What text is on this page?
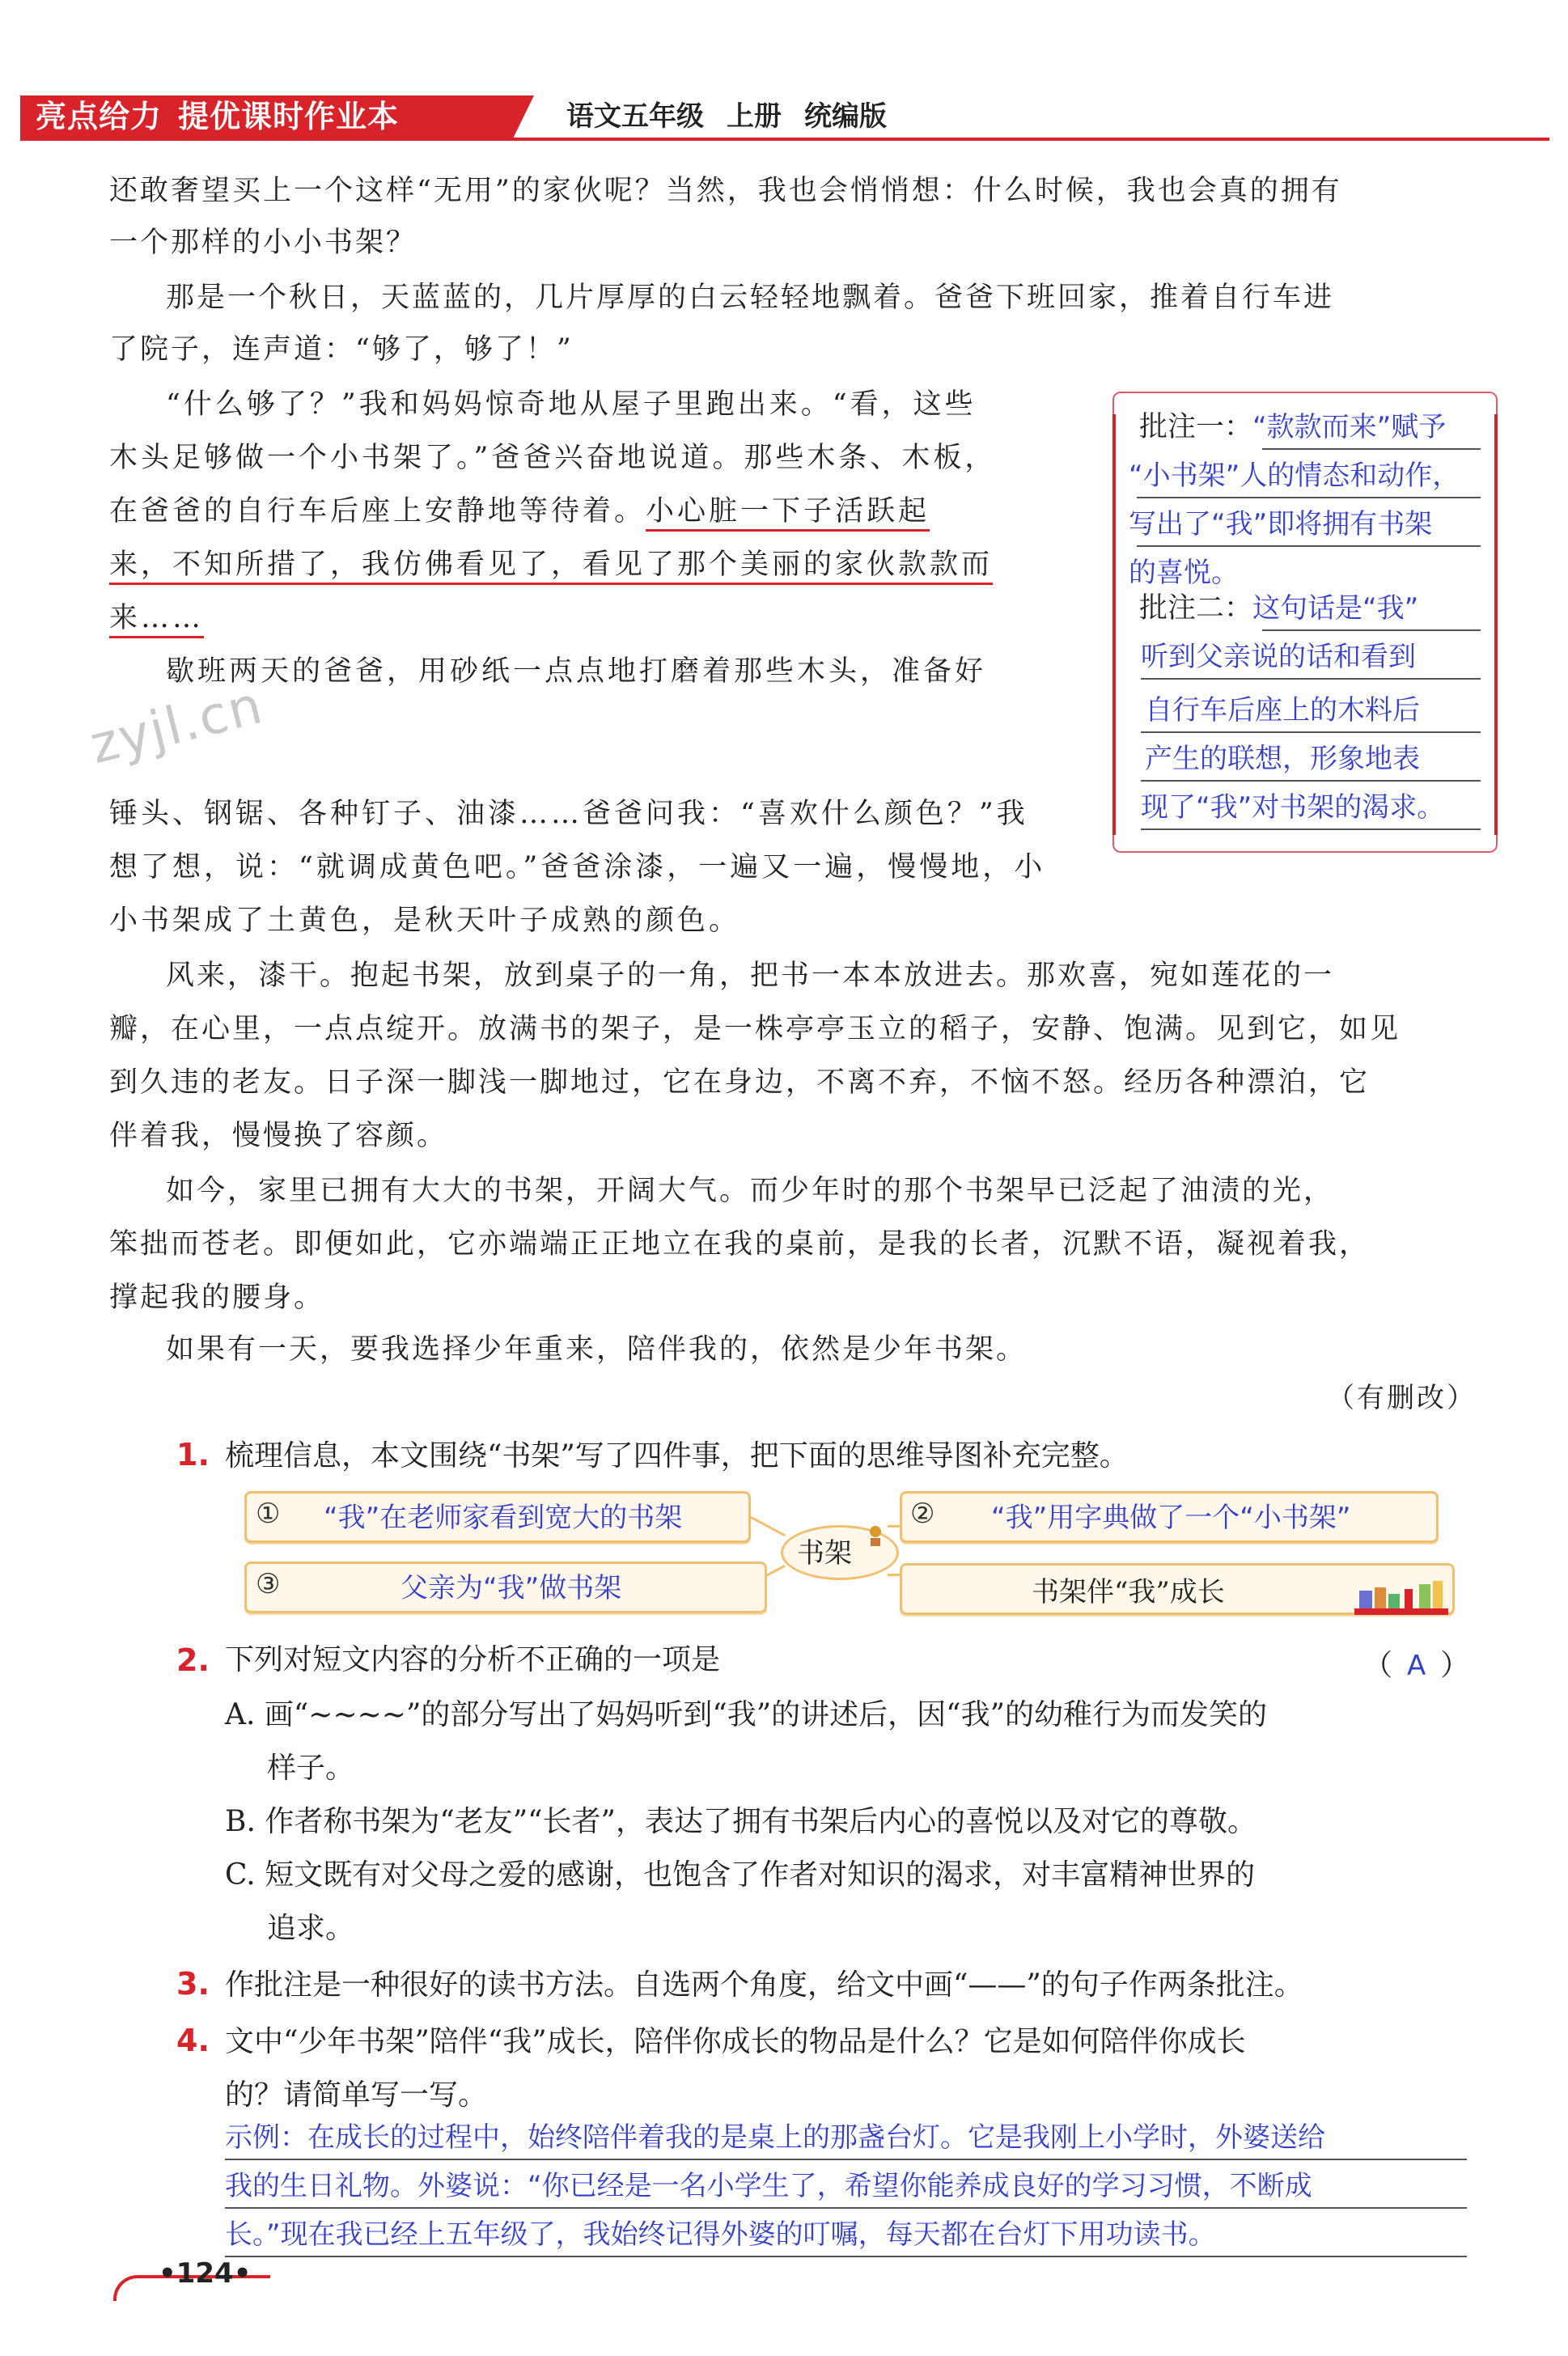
亮点给力 提优课时作业本	语文五年级 上册 统编版
还敢奢望买上一个这样“无用”的家伙呢？当然，我也会悄悄想：什么时候，我也会真的拥有
一个那样的小小书架？
那是一个秋日，天蓝蓝的，几片厚厚的白云轻轻地飘着。爸爸下班回家，推着自行车进
了院子，连声道：“够了，够了！”
“什么够了？”我和妈妈惊奇地从屋子里跑出来。“看，这些
木头足够做一个小书架了。”爸爸兴奋地说道。那些木条、木板，
在爸爸的自行车后座上安静地等待着。小心脏一下子活跃起
来，不知所措了，我仿佛看见了，看见了那个美丽的家伙款款而
来……
歇班两天的爸爸，用砂纸一点点地打磨着那些木头，准备好
zyjl.cn
锤头、钢锯、各种钉子、油漆……爸爸问我：“喜欢什么颜色？”我
想了想，说：“就调成黄色吧。”爸爸涂漆，一遍又一遍，慢慢地，小
小书架成了土黄色，是秋天叶子成熟的颜色。
风来，漆干。抱起书架，放到桌子的一角，把书一本本放进去。那欢喜，宛如莲花的一
瓣，在心里，一点点绽开。放满书的架子，是一株亭亭玉立的稻子，安静、饱满。见到它，如见
到久违的老友。日子深一脚浅一脚地过，它在身边，不离不弃，不恼不怒。经历各种漂泊，它
伴着我，慢慢换了容颜。
如今，家里已拥有大大的书架，开阔大气。而少年时的那个书架早已泛起了油渍的光，
笨拙而苍老。即便如此，它亦端端正正地立在我的桌前，是我的长者，沉默不语，凝视着我，
撑起我的腰身。
如果有一天，要我选择少年重来，陪伴我的，依然是少年书架。
（有删改）
批注一：“款款而来”赋予
“小书架”人的情态和动作，
写出了“我”即将拥有书架
的喜悦。
批注二：这句话是“我”
听到父亲说的话和看到
自行车后座上的木料后
产生的联想，形象地表
现了“我”对书架的渴求。
1. 梳理信息，本文围绕“书架”写了四件事，把下面的思维导图补充完整。
① “我”在老师家看到宽大的书架
③	父亲为“我”做书架
书架
② “我”用字典做了一个“小书架”
书架伴“我”成长
2. 下列对短文内容的分析不正确的一项是	（ A ）
A. 画“~~~~”的部分写出了妈妈听到“我”的讲述后，因“我”的幼稚行为而发笑的
样子。
B. 作者称书架为“老友”“长者”，表达了拥有书架后内心的喜悦以及对它的尊敬。
C. 短文既有对父母之爱的感谢，也饱含了作者对知识的渴求，对丰富精神世界的
追求。
3. 作批注是一种很好的读书方法。自选两个角度，给文中画“——”的句子作两条批注。
4. 文中“少年书架”陪伴“我”成长，陪伴你成长的物品是什么？它是如何陪伴你成长
的？请简单写一写。
示例：在成长的过程中，始终陪伴着我的是桌上的那盏台灯。它是我刚上小学时，外婆送给
我的生日礼物。外婆说：“你已经是一名小学生了，希望你能养成良好的学习习惯，不断成
长。”现在我已经上五年级了，我始终记得外婆的叮嘱，每天都在台灯下用功读书。
•124•
